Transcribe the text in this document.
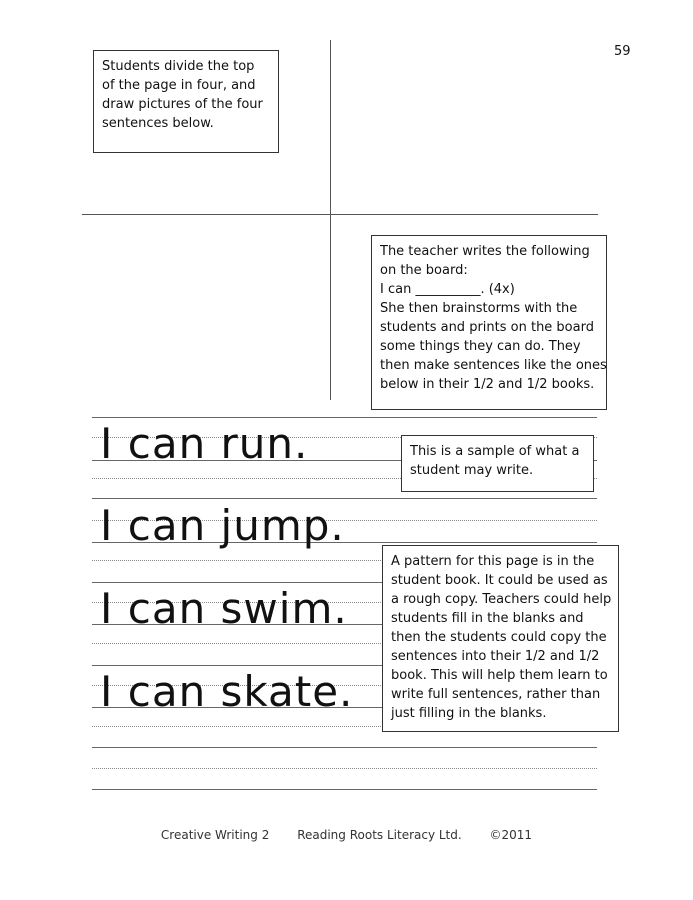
59
Students divide the top
of the page in four, and
draw pictures of the four
sentences below.
The teacher writes the following
on the board:
I can __________. (4x)
She then brainstorms with the
students and prints on the board
some things they can do. They
then make sentences like the ones
below in their 1/2 and 1/2 books.
I can run.
I can jump.
I can swim.
I can skate.
This is a sample of what a
student may write.
A pattern for this page is in the
student book. It could be used as
a rough copy. Teachers could help
students fill in the blanks and
then the students could copy the
sentences into their 1/2 and 1/2
book. This will help them learn to
write full sentences, rather than
just filling in the blanks.
Creative Writing 2 Reading Roots Literacy Ltd. ©2011
